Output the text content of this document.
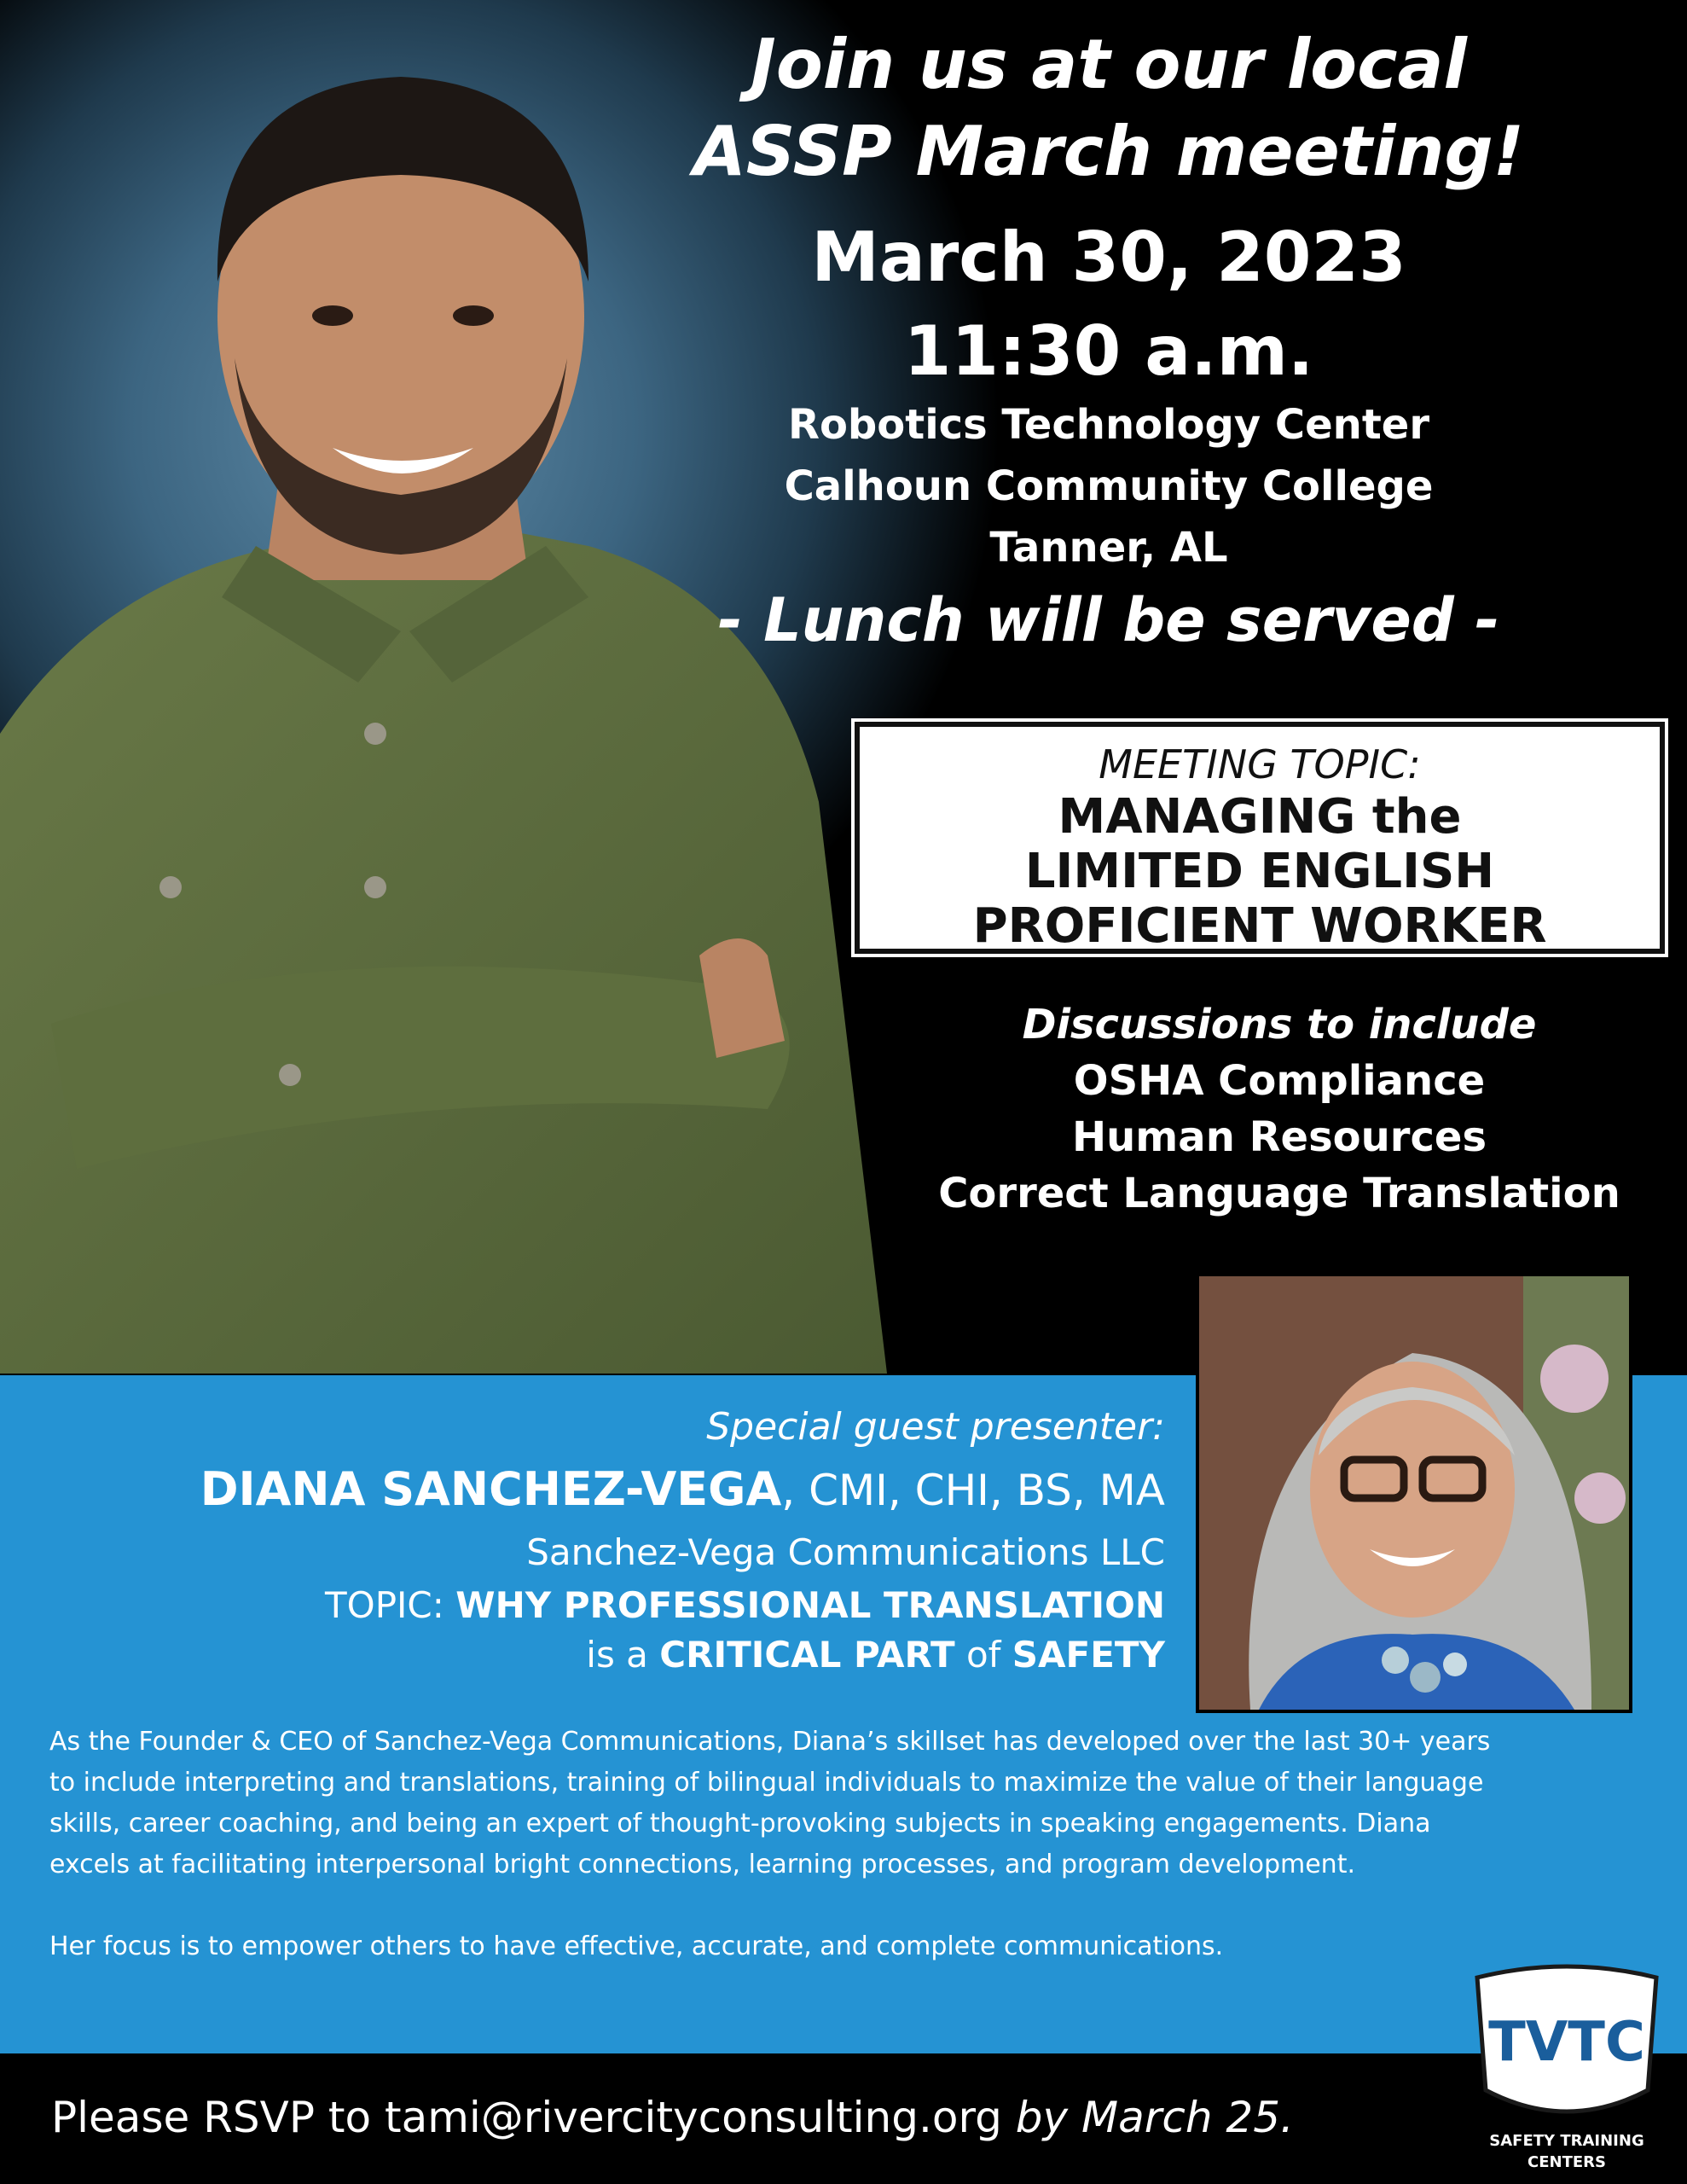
Join us at our local
ASSP March meeting!
March 30, 2023
11:30 a.m.
Robotics Technology Center
Calhoun Community College
Tanner, AL
- Lunch will be served -
MEETING TOPIC:
MANAGING the
LIMITED ENGLISH
PROFICIENT WORKER
Discussions to include
OSHA Compliance
Human Resources
Correct Language Translation
Special guest presenter:
DIANA SANCHEZ-VEGA, CMI, CHI, BS, MA
Sanchez-Vega Communications LLC
TOPIC: WHY PROFESSIONAL TRANSLATION
is a CRITICAL PART of SAFETY

As the Founder & CEO of Sanchez-Vega Communications, Diana’s skillset has developed over the last 30+ years to include interpreting and translations, training of bilingual individuals to maximize the value of their language skills, career coaching, and being an expert of thought-provoking subjects in speaking engagements. Diana excels at facilitating interpersonal bright connections, learning processes, and program development.

Her focus is to empower others to have effective, accurate, and complete communications.

TVTC
SAFETY TRAINING
CENTERS
Please RSVP to tami@rivercityconsulting.org by March 25.
